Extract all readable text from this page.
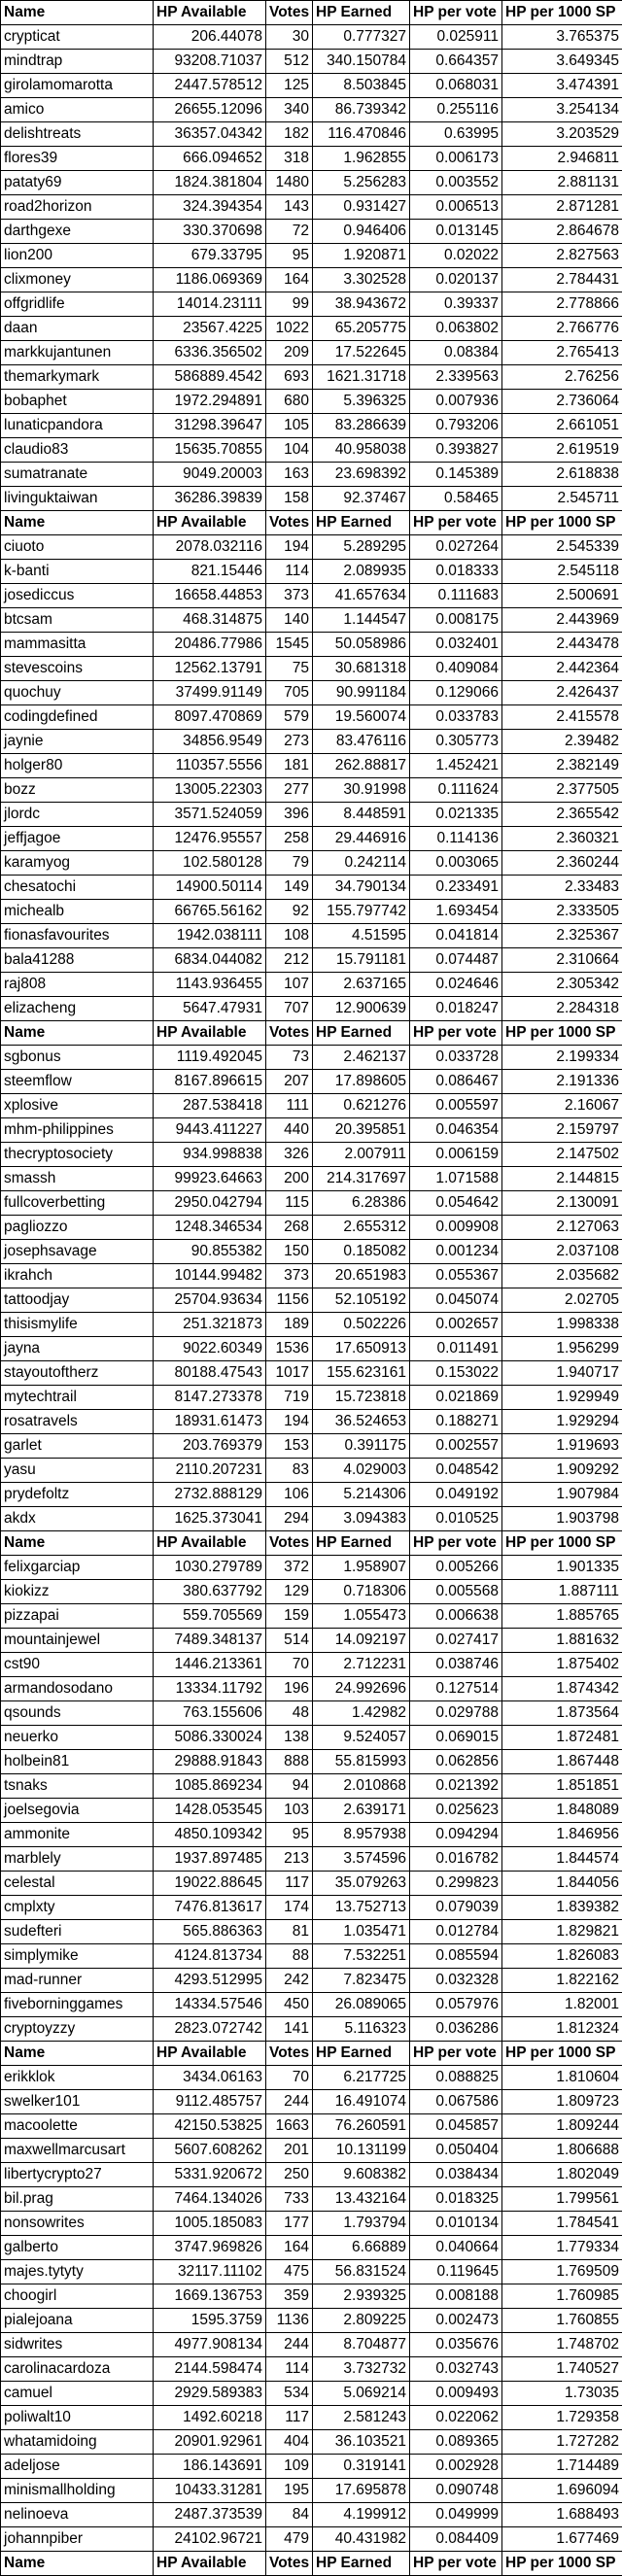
Name	HP Available	Votes	HP Earned	HP per vote	HP per 1000 SP
crypticat	206.44078	30	0.777327	0.025911	3.765375
mindtrap	93208.71037	512	340.150784	0.664357	3.649345
girolamomarotta	2447.578512	125	8.503845	0.068031	3.474391
amico	26655.12096	340	86.739342	0.255116	3.254134
delishtreats	36357.04342	182	116.470846	0.63995	3.203529
flores39	666.094652	318	1.962855	0.006173	2.946811
pataty69	1824.381804	1480	5.256283	0.003552	2.881131
road2horizon	324.394354	143	0.931427	0.006513	2.871281
darthgexe	330.370698	72	0.946406	0.013145	2.864678
lion200	679.33795	95	1.920871	0.02022	2.827563
clixmoney	1186.069369	164	3.302528	0.020137	2.784431
offgridlife	14014.23111	99	38.943672	0.39337	2.778866
daan	23567.4225	1022	65.205775	0.063802	2.766776
markkujantunen	6336.356502	209	17.522645	0.08384	2.765413
themarkymark	586889.4542	693	1621.31718	2.339563	2.76256
bobaphet	1972.294891	680	5.396325	0.007936	2.736064
lunaticpandora	31298.39647	105	83.286639	0.793206	2.661051
claudio83	15635.70855	104	40.958038	0.393827	2.619519
sumatranate	9049.20003	163	23.698392	0.145389	2.618838
livinguktaiwan	36286.39839	158	92.37467	0.58465	2.545711
Name	HP Available	Votes	HP Earned	HP per vote	HP per 1000 SP
ciuoto	2078.032116	194	5.289295	0.027264	2.545339
k-banti	821.15446	114	2.089935	0.018333	2.545118
josediccus	16658.44853	373	41.657634	0.111683	2.500691
btcsam	468.314875	140	1.144547	0.008175	2.443969
mammasitta	20486.77986	1545	50.058986	0.032401	2.443478
stevescoins	12562.13791	75	30.681318	0.409084	2.442364
quochuy	37499.91149	705	90.991184	0.129066	2.426437
codingdefined	8097.470869	579	19.560074	0.033783	2.415578
jaynie	34856.9549	273	83.476116	0.305773	2.39482
holger80	110357.5556	181	262.88817	1.452421	2.382149
bozz	13005.22303	277	30.91998	0.111624	2.377505
jlordc	3571.524059	396	8.448591	0.021335	2.365542
jeffjagoe	12476.95557	258	29.446916	0.114136	2.360321
karamyog	102.580128	79	0.242114	0.003065	2.360244
chesatochi	14900.50114	149	34.790134	0.233491	2.33483
michealb	66765.56162	92	155.797742	1.693454	2.333505
fionasfavourites	1942.038111	108	4.51595	0.041814	2.325367
bala41288	6834.044082	212	15.791181	0.074487	2.310664
raj808	1143.936455	107	2.637165	0.024646	2.305342
elizacheng	5647.47931	707	12.900639	0.018247	2.284318
Name	HP Available	Votes	HP Earned	HP per vote	HP per 1000 SP
sgbonus	1119.492045	73	2.462137	0.033728	2.199334
steemflow	8167.896615	207	17.898605	0.086467	2.191336
xplosive	287.538418	111	0.621276	0.005597	2.16067
mhm-philippines	9443.411227	440	20.395851	0.046354	2.159797
thecryptosociety	934.998838	326	2.007911	0.006159	2.147502
smassh	99923.64663	200	214.317697	1.071588	2.144815
fullcoverbetting	2950.042794	115	6.28386	0.054642	2.130091
pagliozzo	1248.346534	268	2.655312	0.009908	2.127063
josephsavage	90.855382	150	0.185082	0.001234	2.037108
ikrahch	10144.99482	373	20.651983	0.055367	2.035682
tattoodjay	25704.93634	1156	52.105192	0.045074	2.02705
thisismylife	251.321873	189	0.502226	0.002657	1.998338
jayna	9022.60349	1536	17.650913	0.011491	1.956299
stayoutoftherz	80188.47543	1017	155.623161	0.153022	1.940717
mytechtrail	8147.273378	719	15.723818	0.021869	1.929949
rosatravels	18931.61473	194	36.524653	0.188271	1.929294
garlet	203.769379	153	0.391175	0.002557	1.919693
yasu	2110.207231	83	4.029003	0.048542	1.909292
prydefoltz	2732.888129	106	5.214306	0.049192	1.907984
akdx	1625.373041	294	3.094383	0.010525	1.903798
Name	HP Available	Votes	HP Earned	HP per vote	HP per 1000 SP
felixgarciap	1030.279789	372	1.958907	0.005266	1.901335
kiokizz	380.637792	129	0.718306	0.005568	1.887111
pizzapai	559.705569	159	1.055473	0.006638	1.885765
mountainjewel	7489.348137	514	14.092197	0.027417	1.881632
cst90	1446.213361	70	2.712231	0.038746	1.875402
armandosodano	13334.11792	196	24.992696	0.127514	1.874342
qsounds	763.155606	48	1.42982	0.029788	1.873564
neuerko	5086.330024	138	9.524057	0.069015	1.872481
holbein81	29888.91843	888	55.815993	0.062856	1.867448
tsnaks	1085.869234	94	2.010868	0.021392	1.851851
joelsegovia	1428.053545	103	2.639171	0.025623	1.848089
ammonite	4850.109342	95	8.957938	0.094294	1.846956
marblely	1937.897485	213	3.574596	0.016782	1.844574
celestal	19022.88645	117	35.079263	0.299823	1.844056
cmplxty	7476.813617	174	13.752713	0.079039	1.839382
sudefteri	565.886363	81	1.035471	0.012784	1.829821
simplymike	4124.813734	88	7.532251	0.085594	1.826083
mad-runner	4293.512995	242	7.823475	0.032328	1.822162
fiveborninggames	14334.57546	450	26.089065	0.057976	1.82001
cryptoyzzy	2823.072742	141	5.116323	0.036286	1.812324
Name	HP Available	Votes	HP Earned	HP per vote	HP per 1000 SP
erikklok	3434.06163	70	6.217725	0.088825	1.810604
swelker101	9112.485757	244	16.491074	0.067586	1.809723
macoolette	42150.53825	1663	76.260591	0.045857	1.809244
maxwellmarcusart	5607.608262	201	10.131199	0.050404	1.806688
libertycrypto27	5331.920672	250	9.608382	0.038434	1.802049
bil.prag	7464.134026	733	13.432164	0.018325	1.799561
nonsowrites	1005.185083	177	1.793794	0.010134	1.784541
galberto	3747.969826	164	6.66889	0.040664	1.779334
majes.tytyty	32117.11102	475	56.831524	0.119645	1.769509
choogirl	1669.136753	359	2.939325	0.008188	1.760985
pialejoana	1595.3759	1136	2.809225	0.002473	1.760855
sidwrites	4977.908134	244	8.704877	0.035676	1.748702
carolinacardoza	2144.598474	114	3.732732	0.032743	1.740527
camuel	2929.589383	534	5.069214	0.009493	1.73035
poliwalt10	1492.60218	117	2.581243	0.022062	1.729358
whatamidoing	20901.92961	404	36.103521	0.089365	1.727282
adeljose	186.143691	109	0.319141	0.002928	1.714489
minismallholding	10433.31281	195	17.695878	0.090748	1.696094
nelinoeva	2487.373539	84	4.199912	0.049999	1.688493
johannpiber	24102.96721	479	40.431982	0.084409	1.677469
Name	HP Available	Votes	HP Earned	HP per vote	HP per 1000 SP
